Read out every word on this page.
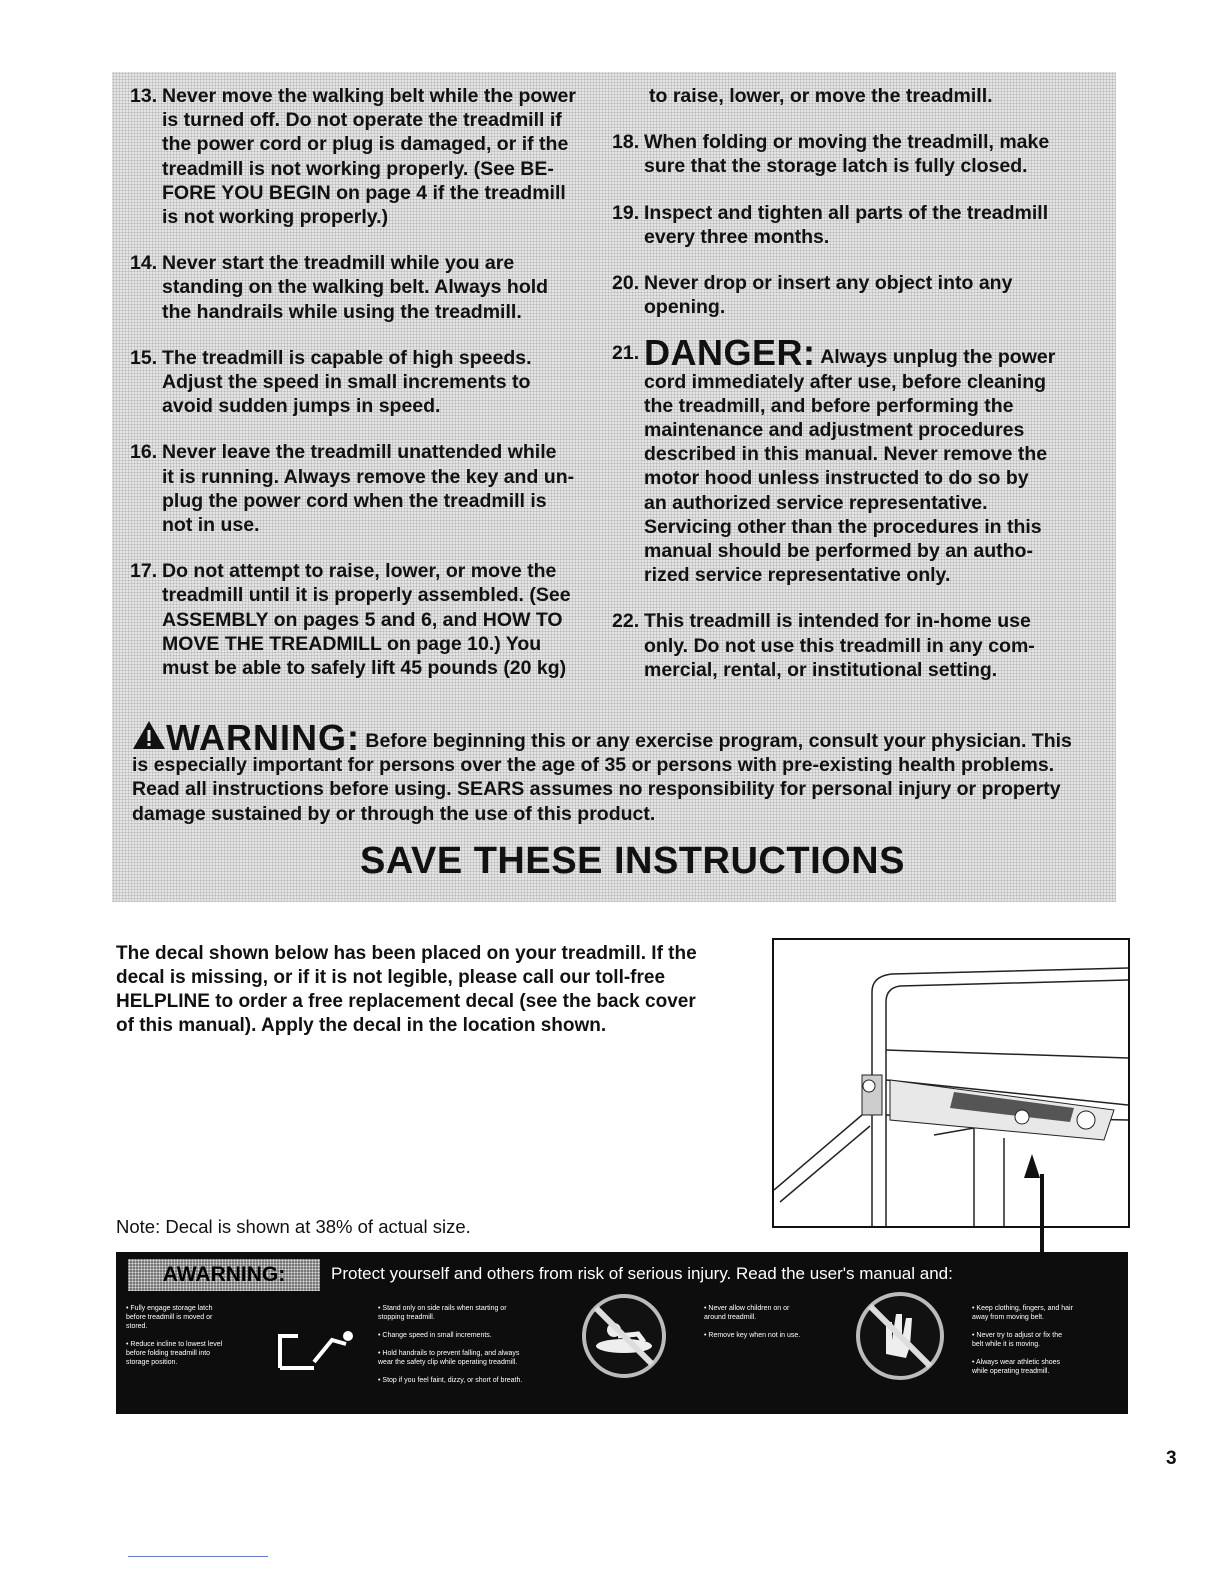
13. Never move the walking belt while the power
is turned off. Do not operate the treadmill if
the power cord or plug is damaged, or if the
treadmill is not working properly. (See BE-
FORE YOU BEGIN on page 4 if the treadmill
is not working properly.)
14. Never start the treadmill while you are
standing on the walking belt. Always hold
the handrails while using the treadmill.
15. The treadmill is capable of high speeds.
Adjust the speed in small increments to
avoid sudden jumps in speed.
16. Never leave the treadmill unattended while
it is running. Always remove the key and un-
plug the power cord when the treadmill is
not in use.
17. Do not attempt to raise, lower, or move the
treadmill until it is properly assembled. (See
ASSEMBLY on pages 5 and 6, and HOW TO
MOVE THE TREADMILL on page 10.) You
must be able to safely lift 45 pounds (20 kg)
to raise, lower, or move the treadmill.
18. When folding or moving the treadmill, make
sure that the storage latch is fully closed.
19. Inspect and tighten all parts of the treadmill
every three months.
20. Never drop or insert any object into any
opening.
21. DANGER: Always unplug the power
cord immediately after use, before cleaning
the treadmill, and before performing the
maintenance and adjustment procedures
described in this manual. Never remove the
motor hood unless instructed to do so by
an authorized service representative.
Servicing other than the procedures in this
manual should be performed by an autho-
rized service representative only.
22. This treadmill is intended for in-home use
only. Do not use this treadmill in any com-
mercial, rental, or institutional setting.
WARNING: Before beginning this or any exercise program, consult your physician. This
is especially important for persons over the age of 35 or persons with pre-existing health problems.
Read all instructions before using. SEARS assumes no responsibility for personal injury or property
damage sustained by or through the use of this product.
SAVE THESE INSTRUCTIONS
The decal shown below has been placed on your treadmill. If the
decal is missing, or if it is not legible, please call our toll-free
HELPLINE to order a free replacement decal (see the back cover
of this manual). Apply the decal in the location shown.
Note: Decal is shown at 38% of actual size.
AWARNING:	Protect yourself and others from risk of serious injury. Read the user's manual and:
• Fully engage storage latch
before treadmill is moved or
stored.

• Reduce incline to lowest level
before folding treadmill into
storage position.
• Stand only on side rails when starting or
stopping treadmill.

• Change speed in small increments.

• Hold handrails to prevent falling, and always
wear the safety clip while operating treadmill.

• Stop if you feel faint, dizzy, or short of breath.
• Never allow children on or
around treadmill.

• Remove key when not in use.
• Keep clothing, fingers, and hair
away from moving belt.

• Never try to adjust or fix the
belt while it is moving.

• Always wear athletic shoes
while operating treadmill.
3
